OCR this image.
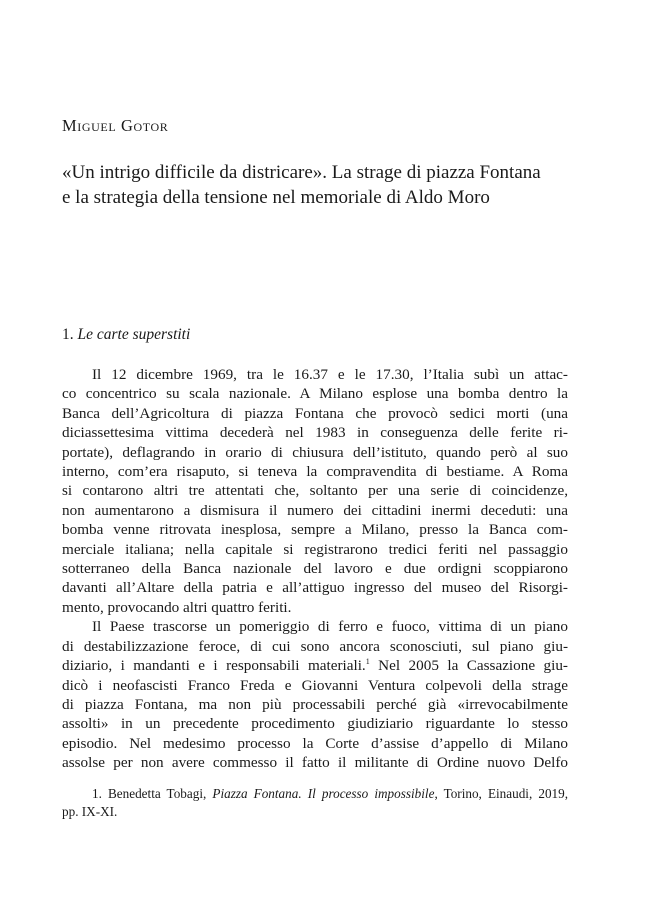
Miguel Gotor
«Un intrigo difficile da districare». La strage di piazza Fontana
e la strategia della tensione nel memoriale di Aldo Moro
1. Le carte superstiti
Il 12 dicembre 1969, tra le 16.37 e le 17.30, l’Italia subì un attac-
co concentrico su scala nazionale. A Milano esplose una bomba dentro la
Banca dell’Agricoltura di piazza Fontana che provocò sedici morti (una
diciassettesima vittima decederà nel 1983 in conseguenza delle ferite ri-
portate), deflagrando in orario di chiusura dell’istituto, quando però al suo
interno, com’era risaputo, si teneva la compravendita di bestiame. A Roma
si contarono altri tre attentati che, soltanto per una serie di coincidenze,
non aumentarono a dismisura il numero dei cittadini inermi deceduti: una
bomba venne ritrovata inesplosa, sempre a Milano, presso la Banca com-
merciale italiana; nella capitale si registrarono tredici feriti nel passaggio
sotterraneo della Banca nazionale del lavoro e due ordigni scoppiarono
davanti all’Altare della patria e all’attiguo ingresso del museo del Risorgi-
mento, provocando altri quattro feriti.
Il Paese trascorse un pomeriggio di ferro e fuoco, vittima di un piano
di destabilizzazione feroce, di cui sono ancora sconosciuti, sul piano giu-
diziario, i mandanti e i responsabili materiali.$^1$ Nel 2005 la Cassazione giu-
dicò i neofascisti Franco Freda e Giovanni Ventura colpevoli della strage
di piazza Fontana, ma non più processabili perché già «irrevocabilmente
assolti» in un precedente procedimento giudiziario riguardante lo stesso
episodio. Nel medesimo processo la Corte d’assise d’appello di Milano
assolse per non avere commesso il fatto il militante di Ordine nuovo Delfo
1. Benedetta Tobagi, Piazza Fontana. Il processo impossibile, Torino, Einaudi, 2019,
pp. IX-XI.
